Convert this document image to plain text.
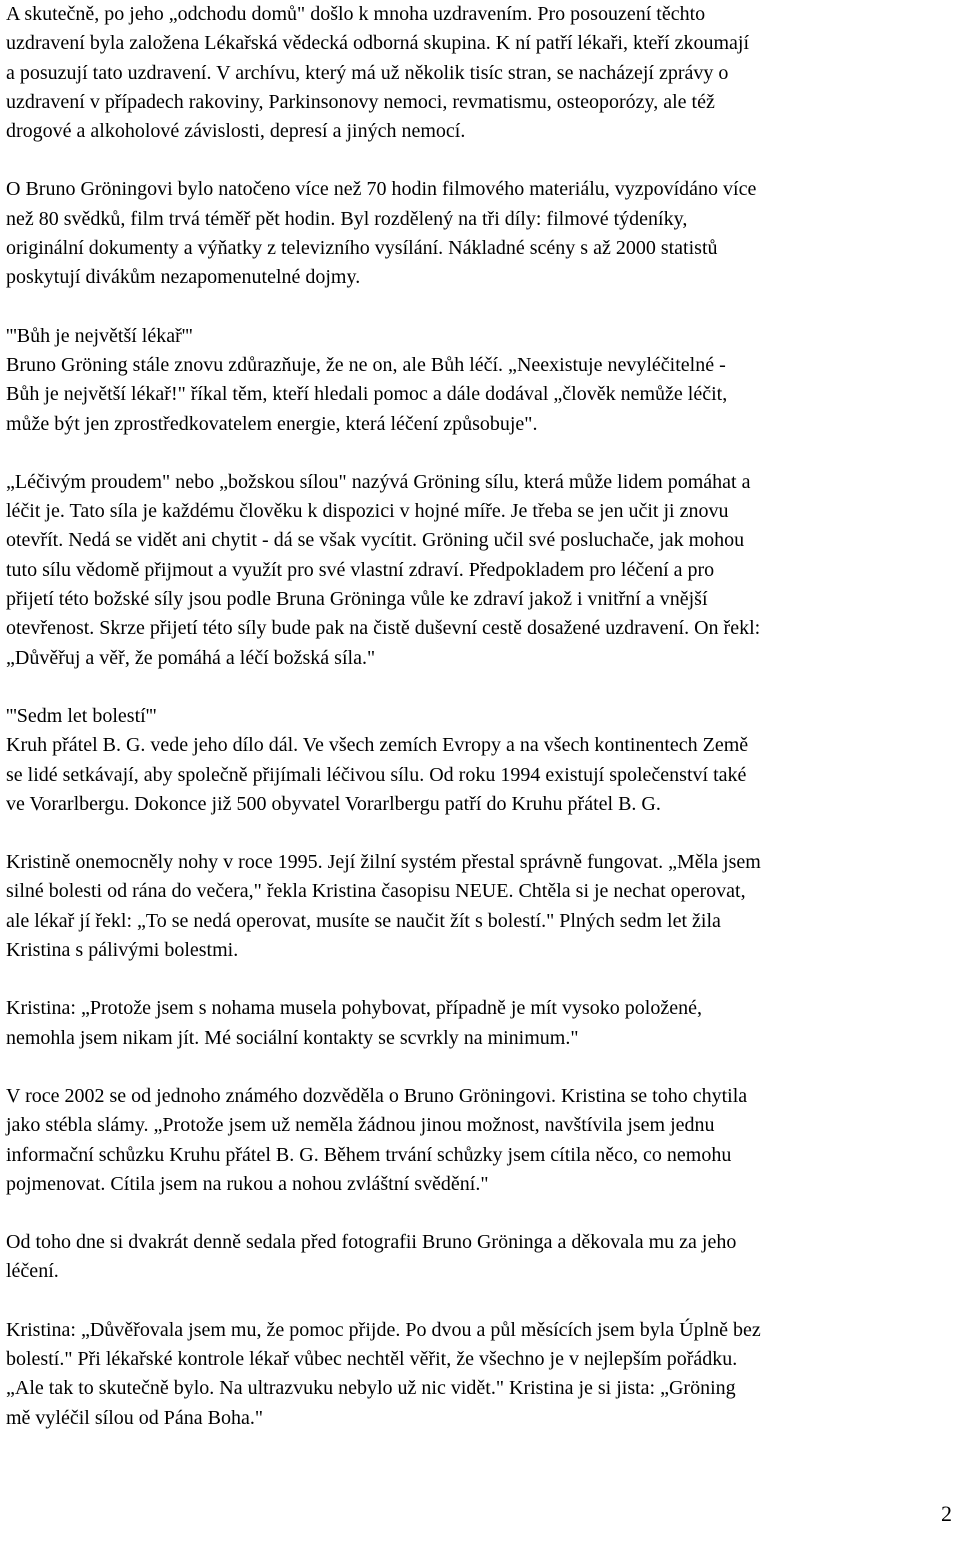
A skutečně, po jeho „odchodu domů" došlo k mnoha uzdravením. Pro posouzení těchto
uzdravení byla založena Lékařská vědecká odborná skupina. K ní patří lékaři, kteří zkoumají
a posuzují tato uzdravení. V archívu, který má už několik tisíc stran, se nacházejí zprávy o
uzdravení v případech rakoviny, Parkinsonovy nemoci, revmatismu, osteoporózy, ale též
drogové a alkoholové závislosti, depresí a jiných nemocí.

O Bruno Gröningovi bylo natočeno více než 70 hodin filmového materiálu, vyzpovídáno více
než 80 svědků, film trvá téměř pět hodin. Byl rozdělený na tři díly: filmové týdeníky,
originální dokumenty a výňatky z televizního vysílání. Nákladné scény s až 2000 statistů
poskytují divákům nezapomenutelné dojmy.

'''Bůh je největší lékař'''
Bruno Gröning stále znovu zdůrazňuje, že ne on, ale Bůh léčí. „Neexistuje nevyléčitelné -
Bůh je největší lékař!" říkal těm, kteří hledali pomoc a dále dodával „člověk nemůže léčit,
může být jen zprostředkovatelem energie, která léčení způsobuje".

„Léčivým proudem" nebo „božskou sílou" nazývá Gröning sílu, která může lidem pomáhat a
léčit je. Tato síla je každému člověku k dispozici v hojné míře. Je třeba se jen učit ji znovu
otevřít. Nedá se vidět ani chytit - dá se však vycítit. Gröning učil své posluchače, jak mohou
tuto sílu vědomě přijmout a využít pro své vlastní zdraví. Předpokladem pro léčení a pro
přijetí této božské síly jsou podle Bruna Gröninga vůle ke zdraví jakož i vnitřní a vnější
otevřenost. Skrze přijetí této síly bude pak na čistě duševní cestě dosažené uzdravení. On řekl:
„Důvěřuj a věř, že pomáhá a léčí božská síla."

'''Sedm let bolestí'''
Kruh přátel B. G. vede jeho dílo dál. Ve všech zemích Evropy a na všech kontinentech Země
se lidé setkávají, aby společně přijímali léčivou sílu. Od roku 1994 existují společenství také
ve Vorarlbergu. Dokonce již 500 obyvatel Vorarlbergu patří do Kruhu přátel B. G.

Kristině onemocněly nohy v roce 1995. Její žilní systém přestal správně fungovat. „Měla jsem
silné bolesti od rána do večera," řekla Kristina časopisu NEUE. Chtěla si je nechat operovat,
ale lékař jí řekl: „To se nedá operovat, musíte se naučit žít s bolestí." Plných sedm let žila
Kristina s pálivými bolestmi.

Kristina: „Protože jsem s nohama musela pohybovat, případně je mít vysoko položené,
nemohla jsem nikam jít. Mé sociální kontakty se scvrkly na minimum."

V roce 2002 se od jednoho známého dozvěděla o Bruno Gröningovi. Kristina se toho chytila
jako stébla slámy. „Protože jsem už neměla žádnou jinou možnost, navštívila jsem jednu
informační schůzku Kruhu přátel B. G. Během trvání schůzky jsem cítila něco, co nemohu
pojmenovat. Cítila jsem na rukou a nohou zvláštní svědění."

Od toho dne si dvakrát denně sedala před fotografii Bruno Gröninga a děkovala mu za jeho
léčení.

Kristina: „Důvěřovala jsem mu, že pomoc přijde. Po dvou a půl měsících jsem byla Úplně bez
bolestí." Při lékařské kontrole lékař vůbec nechtěl věřit, že všechno je v nejlepším pořádku.
„Ale tak to skutečně bylo. Na ultrazvuku nebylo už nic vidět." Kristina je si jista: „Gröning
mě vyléčil sílou od Pána Boha."

2
